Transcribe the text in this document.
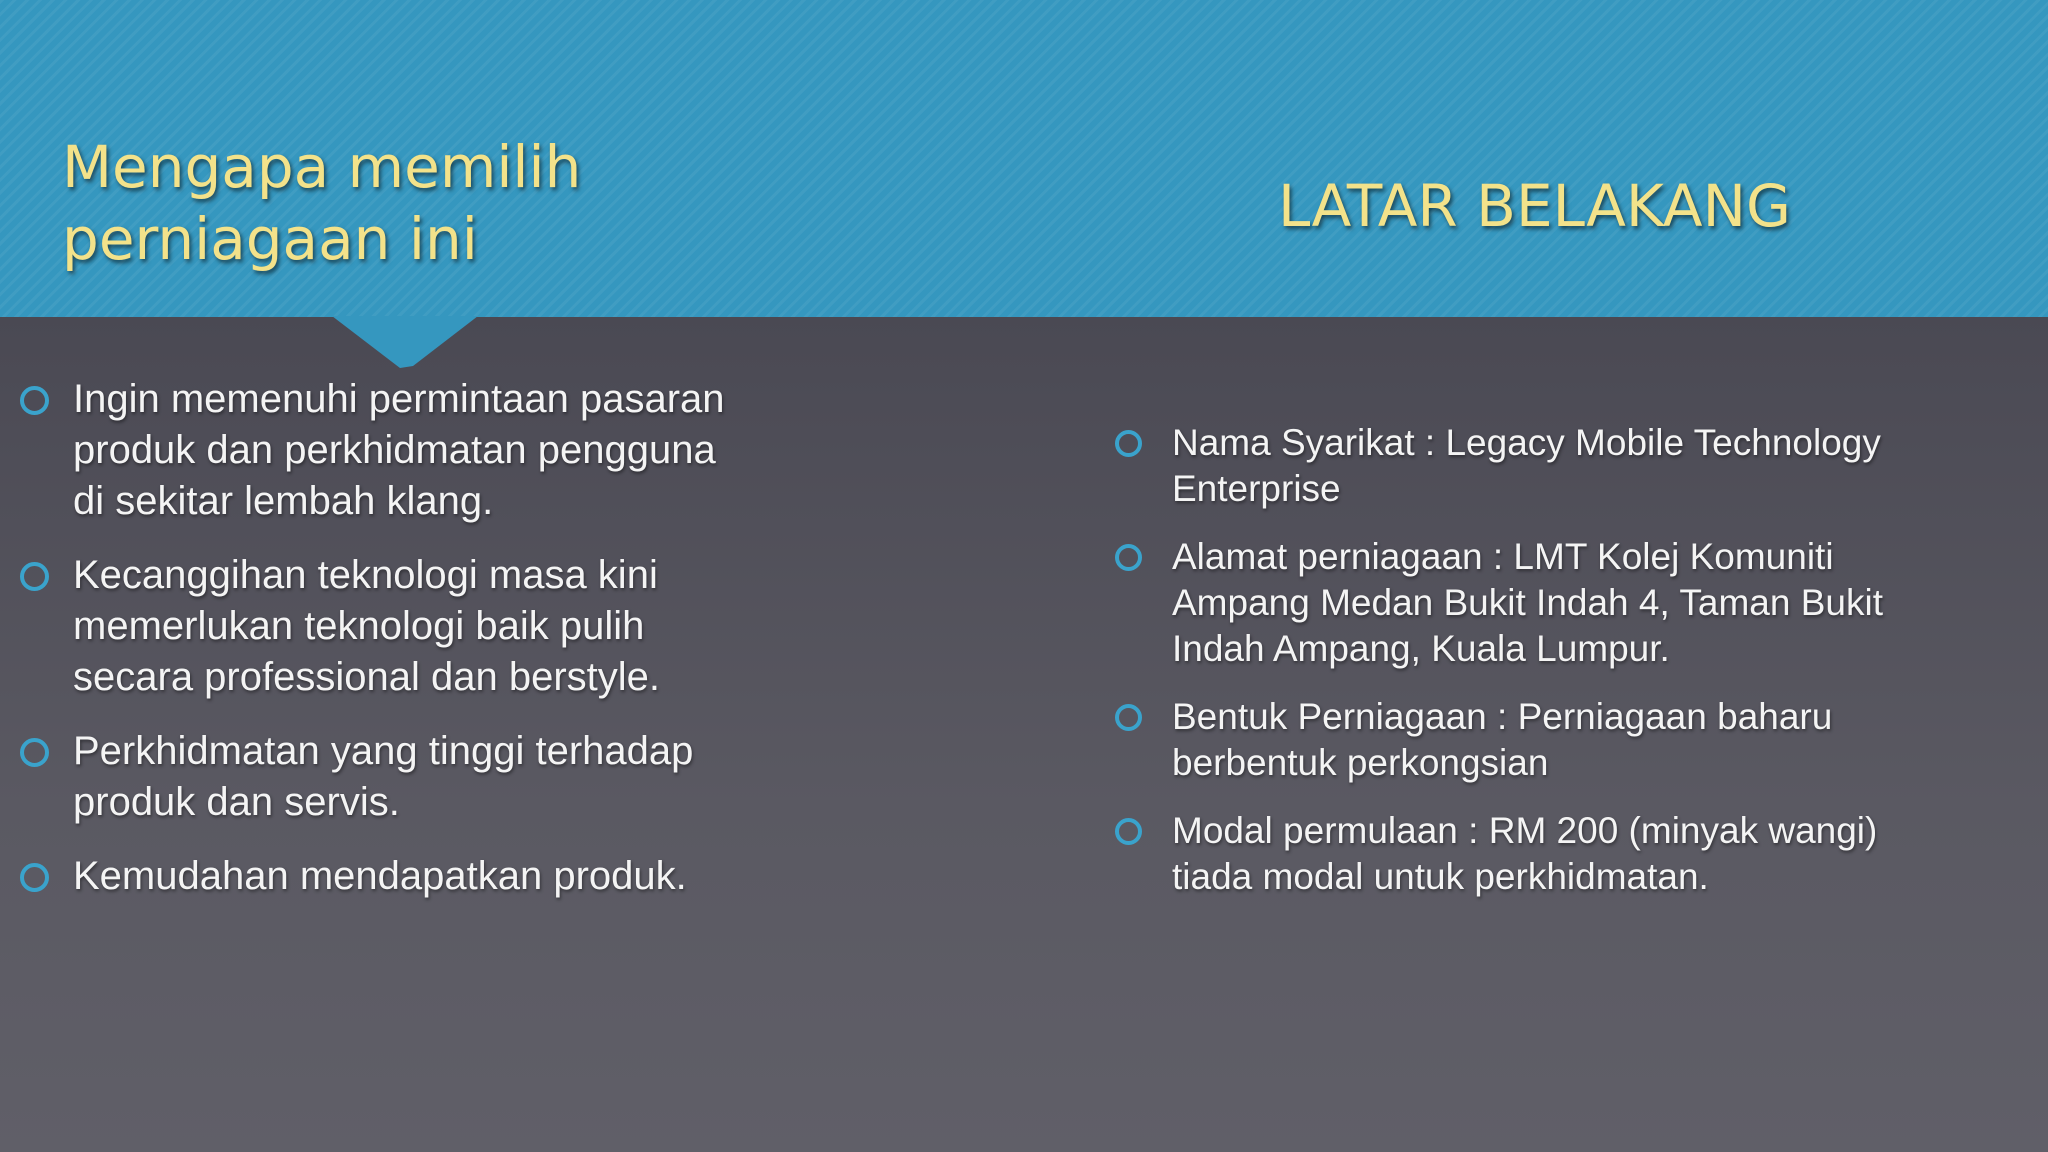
Mengapa memilih
perniagaan ini	LATAR BELAKANG
Ingin memenuhi permintaan pasaran
produk dan perkhidmatan pengguna
di sekitar lembah klang.
Kecanggihan teknologi masa kini
memerlukan teknologi baik pulih
secara professional dan berstyle.
Perkhidmatan yang tinggi terhadap
produk dan servis.
Kemudahan mendapatkan produk.
Nama Syarikat : Legacy Mobile Technology
Enterprise
Alamat perniagaan : LMT Kolej Komuniti
Ampang Medan Bukit Indah 4, Taman Bukit
Indah Ampang, Kuala Lumpur.
Bentuk Perniagaan : Perniagaan baharu
berbentuk perkongsian
Modal permulaan : RM 200 (minyak wangi)
tiada modal untuk perkhidmatan.
